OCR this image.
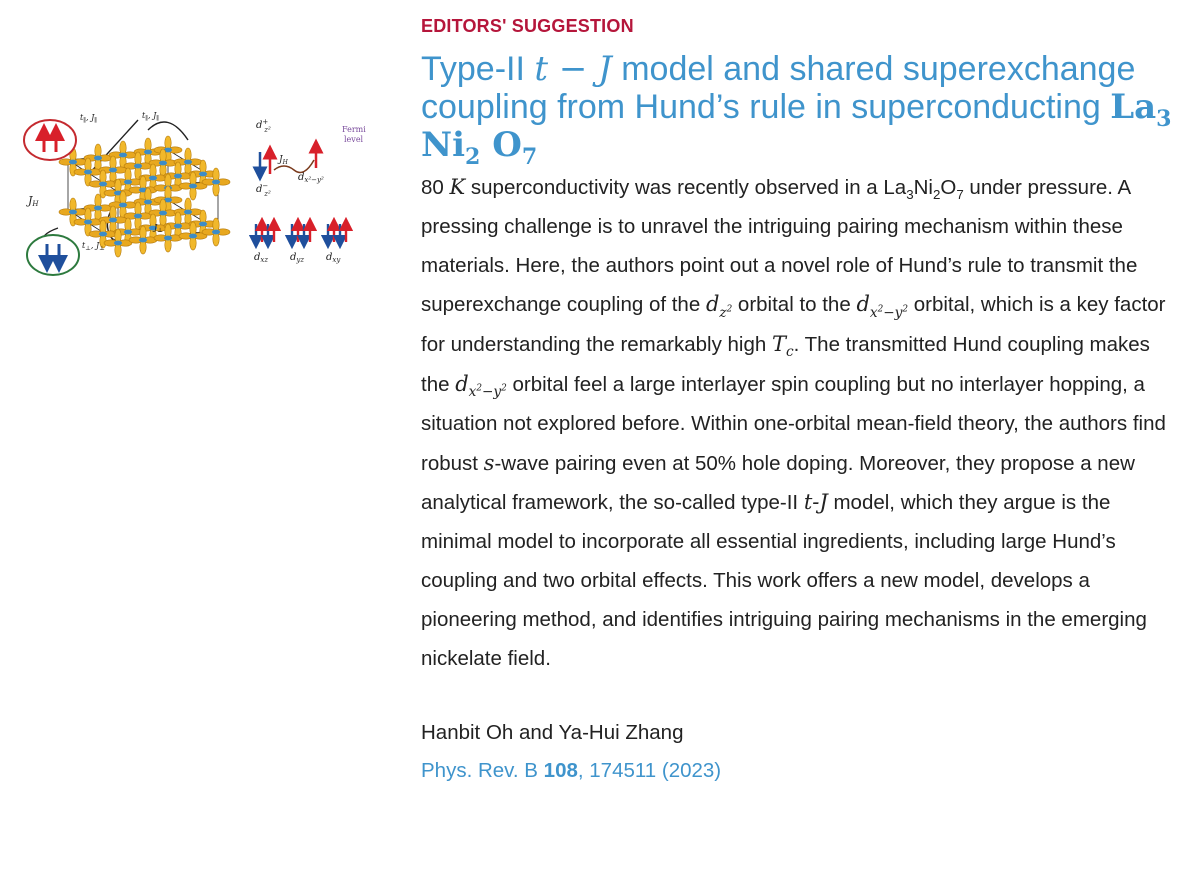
JH
$t_\parallel$, $J_\parallel$
$t_\parallel$, $J_\parallel$
$t_\perp$, $J_\perp$
$J_\perp$
d+ z²	Fermi
level
d− z²
$J_H$
$d_{x^2-y^2}$
$d_{xz}$ $d_{yz}$ $d_{xy}$
EDITORS' SUGGESTION
Type-II t − J model and shared superexchange coupling from Hund’s rule in superconducting $La_3$ $Ni_2$ $O_7$
80 K superconductivity was recently observed in a $La_3Ni_2O_7$ under pressure. A pressing challenge is to unravel the intriguing pairing mechanism within these materials. Here, the authors point out a novel role of Hund’s rule to transmit the superexchange coupling of the $d_{z^2}$ orbital to the $d_{x^2-y^2}$ orbital, which is a key factor for understanding the remarkably high $T_c$. The transmitted Hund coupling makes the $d_{x^2-y^2}$ orbital feel a large interlayer spin coupling but no interlayer hopping, a situation not explored before. Within one-orbital mean-field theory, the authors find robust s-wave pairing even at 50% hole doping. Moreover, they propose a new analytical framework, the so-called type-II t-J model, which they argue is the minimal model to incorporate all essential ingredients, including large Hund’s coupling and two orbital effects. This work offers a new model, develops a pioneering method, and identifies intriguing pairing mechanisms in the emerging nickelate field.
Hanbit Oh and Ya-Hui Zhang
Phys. Rev. B 108, 174511 (2023)
